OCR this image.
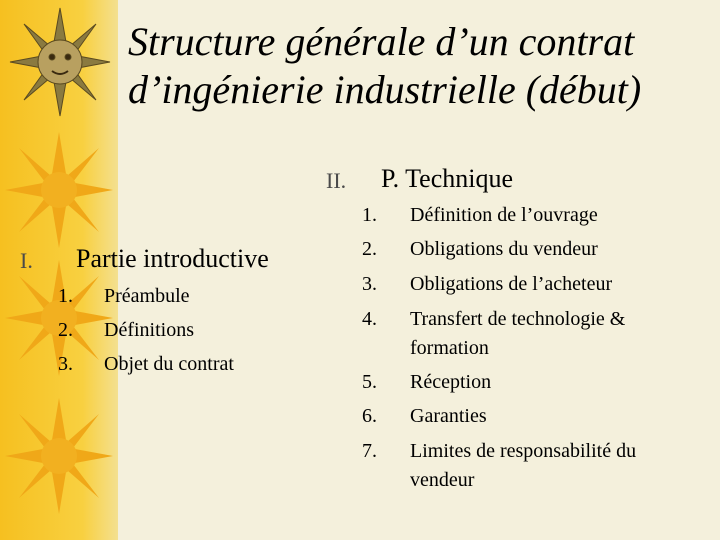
Structure générale d’un contrat
d’ingénierie industrielle (début)
I. Partie introductive
1. Préambule
2. Définitions
3. Objet du contrat
II. P. Technique
1. Définition de l’ouvrage
2. Obligations du vendeur
3. Obligations de l’acheteur
4. Transfert de technologie &
formation
5. Réception
6. Garanties
7. Limites de responsabilité du
vendeur
